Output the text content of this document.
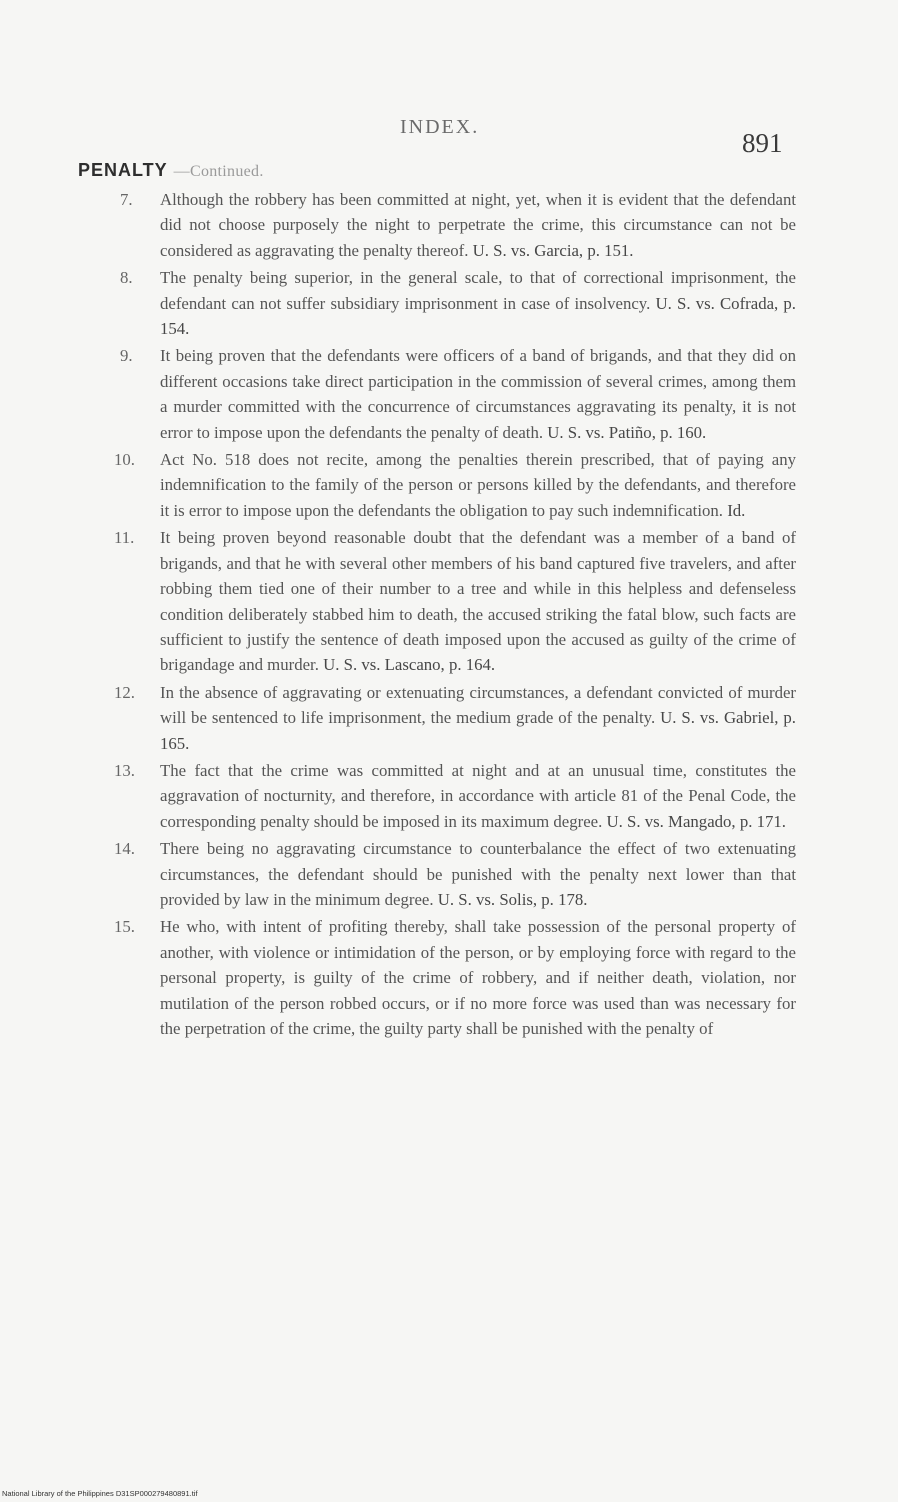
INDEX.
891
PENALTY —Continued.
7. Although the robbery has been committed at night, yet, when it is evident that the defendant did not choose purposely the night to perpetrate the crime, this circumstance can not be considered as aggravating the penalty thereof. U. S. vs. Garcia, p. 151.
8. The penalty being superior, in the general scale, to that of correctional imprisonment, the defendant can not suffer subsidiary imprisonment in case of insolvency. U. S. vs. Cofrada, p. 154.
9. It being proven that the defendants were officers of a band of brigands, and that they did on different occasions take direct participation in the commission of several crimes, among them a murder committed with the concurrence of circumstances aggravating its penalty, it is not error to impose upon the defendants the penalty of death. U. S. vs. Patiño, p. 160.
10. Act No. 518 does not recite, among the penalties therein prescribed, that of paying any indemnification to the family of the person or persons killed by the defendants, and therefore it is error to impose upon the defendants the obligation to pay such indemnification. Id.
11. It being proven beyond reasonable doubt that the defendant was a member of a band of brigands, and that he with several other members of his band captured five travelers, and after robbing them tied one of their number to a tree and while in this helpless and defenseless condition deliberately stabbed him to death, the accused striking the fatal blow, such facts are sufficient to justify the sentence of death imposed upon the accused as guilty of the crime of brigandage and murder. U. S. vs. Lascano, p. 164.
12. In the absence of aggravating or extenuating circumstances, a defendant convicted of murder will be sentenced to life imprisonment, the medium grade of the penalty. U. S. vs. Gabriel, p. 165.
13. The fact that the crime was committed at night and at an unusual time, constitutes the aggravation of nocturnity, and therefore, in accordance with article 81 of the Penal Code, the corresponding penalty should be imposed in its maximum degree. U. S. vs. Mangado, p. 171.
14. There being no aggravating circumstance to counterbalance the effect of two extenuating circumstances, the defendant should be punished with the penalty next lower than that provided by law in the minimum degree. U. S. vs. Solis, p. 178.
15. He who, with intent of profiting thereby, shall take possession of the personal property of another, with violence or intimidation of the person, or by employing force with regard to the personal property, is guilty of the crime of robbery, and if neither death, violation, nor mutilation of the person robbed occurs, or if no more force was used than was necessary for the perpetration of the crime, the guilty party shall be punished with the penalty of
National Library of the Philippines D31SP000279480891.tif
